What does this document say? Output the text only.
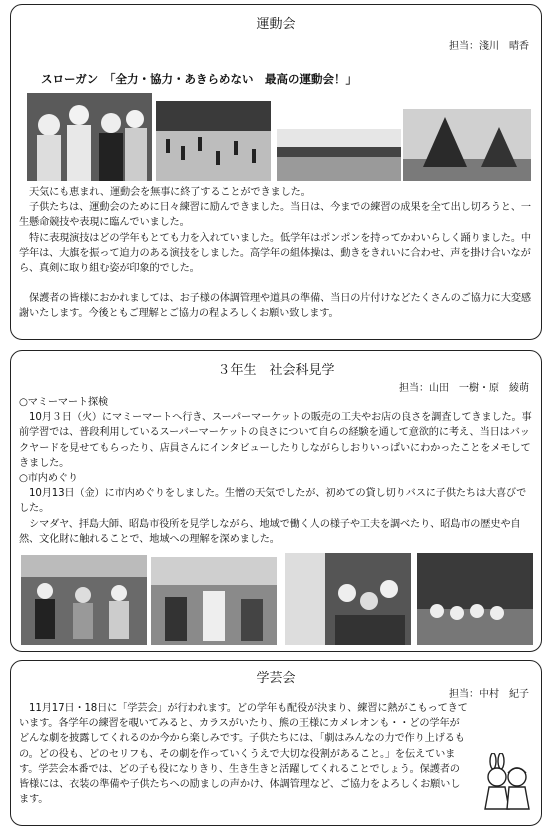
運動会
担当：淺川　晴香
スローガン　「全力・協力・あきらめない　最高の運動会！」

　天気にも恵まれ、運動会を無事に終了することができました。

　子供たちは、運動会のために日々練習に励んできました。当日は、今までの練習の成果を全て出し切ろうと、一生懸命競技や表現に臨んでいました。

　特に表現演技はどの学年もとても力を入れていました。低学年はポンポンを持ってかわいらしく踊りました。中学年は、大旗を振って迫力のある演技をしました。高学年の組体操は、動きをきれいに合わせ、声を掛け合いながら、真剣に取り組む姿が印象的でした。

　保護者の皆様におかれましては、お子様の体調管理や道具の準備、当日の片付けなどたくさんのご協力に大変感謝いたします。今後ともご理解とご協力の程よろしくお願い致します。

３年生　社会科見学
担当：山田　一樹・原　綾萌

○マミーマート探検

　10月３日（火）にマミーマートへ行き、スーパーマーケットの販売の工夫やお店の良さを調査してきました。事前学習では、普段利用しているスーパーマーケットの良さについて自らの経験を通して意欲的に考え、当日はバックヤードを見せてもらったり、店員さんにインタビューしたりしながらしおりいっぱいにわかったことをメモしてきました。

○市内めぐり

　10月13日（金）に市内めぐりをしました。生憎の天気でしたが、初めての貸し切りバスに子供たちは大喜びでした。

　シマダヤ、拝島大師、昭島市役所を見学しながら、地域で働く人の様子や工夫を調べたり、昭島市の歴史や自然、文化財に触れることで、地域への理解を深めました。

学芸会
担当：中村　紀子

　11月17日・18日に「学芸会」が行われます。どの学年も配役が決まり、練習に熱がこもってきています。各学年の練習を覗いてみると、カラスがいたり、熊の王様にカメレオンも・・どの学年がどんな劇を披露してくれるのか今から楽しみです。子供たちには、「劇はみんなの力で作り上げるもの。どの役も、どのセリフも、その劇を作っていくうえで大切な役割があること。」を伝えています。学芸会本番では、どの子も役になりきり、生き生きと活躍してくれることでしょう。保護者の皆様には、衣装の準備や子供たちへの励ましの声かけ、体調管理など、ご協力をよろしくお願いします。
